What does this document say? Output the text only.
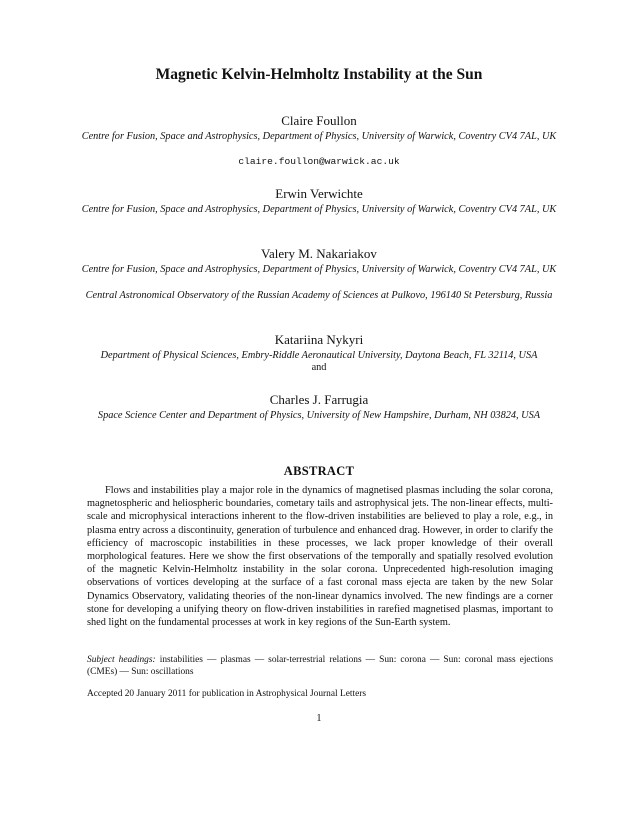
Magnetic Kelvin-Helmholtz Instability at the Sun
Claire Foullon
Centre for Fusion, Space and Astrophysics, Department of Physics, University of Warwick, Coventry CV4 7AL, UK
claire.foullon@warwick.ac.uk
Erwin Verwichte
Centre for Fusion, Space and Astrophysics, Department of Physics, University of Warwick, Coventry CV4 7AL, UK
Valery M. Nakariakov
Centre for Fusion, Space and Astrophysics, Department of Physics, University of Warwick, Coventry CV4 7AL, UK
Central Astronomical Observatory of the Russian Academy of Sciences at Pulkovo, 196140 St Petersburg, Russia
Katariina Nykyri
Department of Physical Sciences, Embry-Riddle Aeronautical University, Daytona Beach, FL 32114, USA
and
Charles J. Farrugia
Space Science Center and Department of Physics, University of New Hampshire, Durham, NH 03824, USA
ABSTRACT

Flows and instabilities play a major role in the dynamics of magnetised plasmas including the solar corona, magnetospheric and heliospheric boundaries, cometary tails and astrophysical jets. The non-linear effects, multi-scale and microphysical interactions inherent to the flow-driven instabilities are believed to play a role, e.g., in plasma entry across a discontinuity, generation of turbulence and enhanced drag. However, in order to clarify the efficiency of macroscopic instabilities in these processes, we lack proper knowledge of their overall morphological features. Here we show the first observations of the temporally and spatially resolved evolution of the magnetic Kelvin-Helmholtz instability in the solar corona. Unprecedented high-resolution imaging observations of vortices developing at the surface of a fast coronal mass ejecta are taken by the new Solar Dynamics Observatory, validating theories of the non-linear dynamics involved. The new findings are a corner stone for developing a unifying theory on flow-driven instabilities in rarefied magnetised plasmas, important to shed light on the fundamental processes at work in key regions of the Sun-Earth system.

Subject headings: instabilities — plasmas — solar-terrestrial relations — Sun: corona — Sun: coronal mass ejections (CMEs) — Sun: oscillations
Accepted 20 January 2011 for publication in Astrophysical Journal Letters
1
